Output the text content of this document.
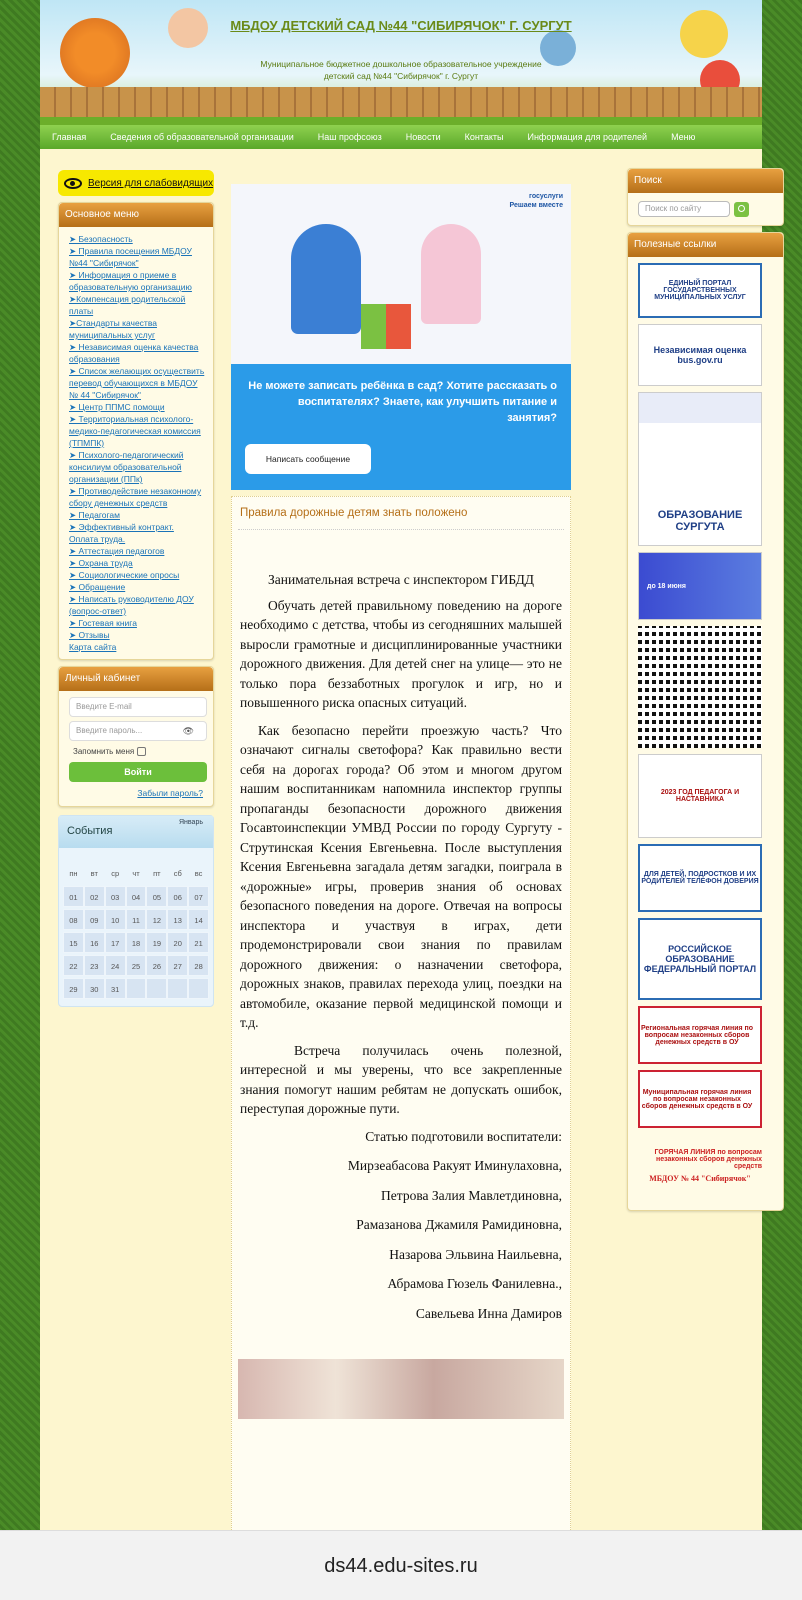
МБДОУ ДЕТСКИЙ САД №44 "СИБИРЯЧОК" Г. СУРГУТ
Муниципальное бюджетное дошкольное образовательное учреждение
детский сад №44 "Сибирячок" г. Сургут
Главная	Сведения об образовательной организации	Наш профсоюз	Новости	Контакты	Информация для родителей	Меню
Версия для слабовидящих
Основное меню
➤ Безопасность
➤ Правила посещения МБДОУ №44 "Сибирячок"
➤ Информация о приеме в образовательную организацию
➤Компенсация родительской платы
➤Стандарты качества муниципальных услуг
➤ Независимая оценка качества образования
➤ Список желающих осуществить перевод обучающихся в МБДОУ № 44 "Сибирячок"
➤ Центр ППМС помощи
➤ Территориальная психолого-медико-педагогическая комиссия (ТПМПК)
➤ Психолого-педагогический консилиум образовательной организации (ППк)
➤ Противодействие незаконному сбору денежных средств
➤ Педагогам
➤ Эффективный контракт. Оплата труда.
➤ Аттестация педагогов
➤ Охрана труда
➤ Социологические опросы
➤ Обращение
➤ Написать руководителю ДОУ (вопрос-ответ)
➤ Гостевая книга
➤ Отзывы
Карта сайта
Личный кабинет
Введите E-mail
Введите пароль...	👁
Запомнить меня
Войти
Забыли пароль?
События
Январь
пн	вт	ср	чт	пт	сб	вс
01	02	03	04	05	06	07
08	09	10	11	12	13	14
15	16	17	18	19	20	21
22	23	24	25	26	27	28
29	30	31
госуслуги
Решаем вместе
Не можете записать ребёнка в сад? Хотите рассказать о воспитателях? Знаете, как улучшить питание и занятия?
Написать сообщение
Правила дорожные детям знать положено
Занимательная встреча с инспектором ГИБДД

Обучать детей правильному поведению на дороге необходимо с детства, чтобы из сегодняшних малышей выросли грамотные и дисциплинированные участники дорожного движения. Для детей снег на улице— это не только пора беззаботных прогулок и игр, но и повышенного риска опасных ситуаций.

Как безопасно перейти проезжую часть? Что означают сигналы светофора? Как правильно вести себя на дорогах города? Об этом и многом другом нашим воспитанникам напомнила инспектор группы пропаганды безопасности дорожного движения Госавтоинспекции УМВД России по городу Сургуту - Струтинская Ксения Евгеньевна. После выступления Ксения Евгеньевна загадала детям загадки, поиграла в «дорожные» игры, проверив знания об основах безопасного поведения на дороге. Отвечая на вопросы инспектора и участвуя в играх, дети продемонстрировали свои знания по правилам дорожного движения: о назначении светофора, дорожных знаков, правилах перехода улиц, поездки на автомобиле, оказание первой медицинской помощи и т.д.

Встреча получилась очень полезной, интересной и мы уверены, что все закрепленные знания помогут нашим ребятам не допускать ошибок, переступая дорожные пути.

Статью подготовили воспитатели:
Мирзеабасова Ракуят Иминулаховна,
Петрова Залия Мавлетдиновна,
Рамазанова Джамиля Рамидиновна,
Назарова Эльвина Наильевна,
Абрамова Гюзель Фанилевна.,
Савельева Инна Дамиров
Поиск
Поиск по сайту
Полезные ссылки
ЕДИНЫЙ ПОРТАЛ ГОСУДАРСТВЕННЫХ МУНИЦИПАЛЬНЫХ УСЛУГ
Независимая оценка bus.gov.ru
ОБРАЗОВАНИЕ СУРГУТА
до 18 июня
2023 ГОД ПЕДАГОГА И НАСТАВНИКА
ДЛЯ ДЕТЕЙ, ПОДРОСТКОВ И ИХ РОДИТЕЛЕЙ ТЕЛЕФОН ДОВЕРИЯ
РОССИЙСКОЕ ОБРАЗОВАНИЕ ФЕДЕРАЛЬНЫЙ ПОРТАЛ
Региональная горячая линия по вопросам незаконных сборов денежных средств в ОУ
Муниципальная горячая линия по вопросам незаконных сборов денежных средств в ОУ
ГОРЯЧАЯ ЛИНИЯ по вопросам незаконных сборов денежных средств
МБДОУ № 44 "Сибирячок"
ds44.edu-sites.ru
